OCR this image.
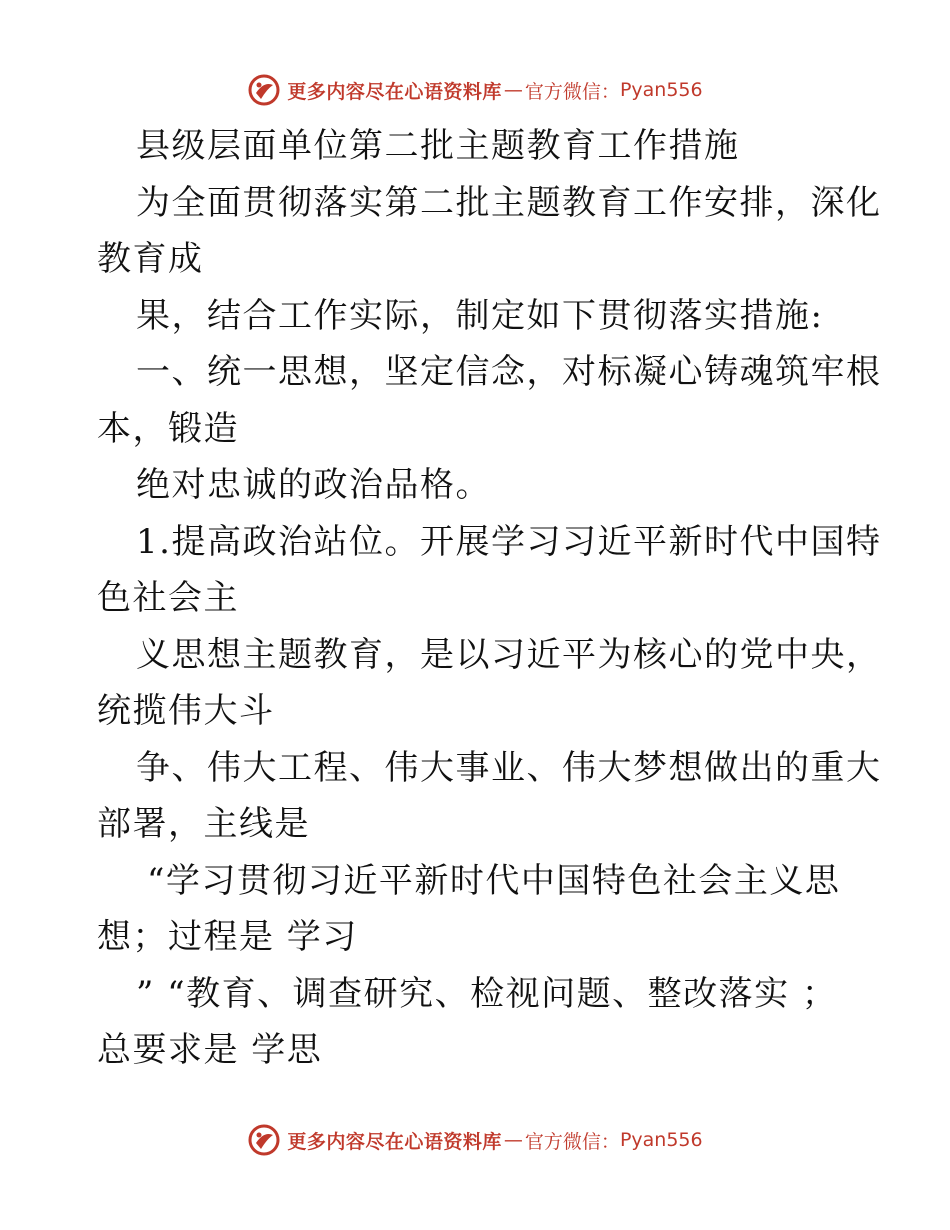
更多内容尽在心语资料库 — 官方微信： Pyan556
县级层面单位第二批主题教育工作措施
为全面贯彻落实第二批主题教育工作安排，深化
教育成
果，结合工作实际，制定如下贯彻落实措施:
一、统一思想，坚定信念，对标凝心铸魂筑牢根
本，锻造
绝对忠诚的政治品格。
1.提高政治站位。开展学习习近平新时代中国特
色社会主
义思想主题教育，是以习近平为核心的党中央，
统揽伟大斗
争、伟大工程、伟大事业、伟大梦想做出的重大
部署，主线是
“学习贯彻习近平新时代中国特色社会主义思
想；过程是 学习
” “教育、调查研究、检视问题、整改落实 ；
总要求是 学思
更多内容尽在心语资料库 — 官方微信： Pyan556
